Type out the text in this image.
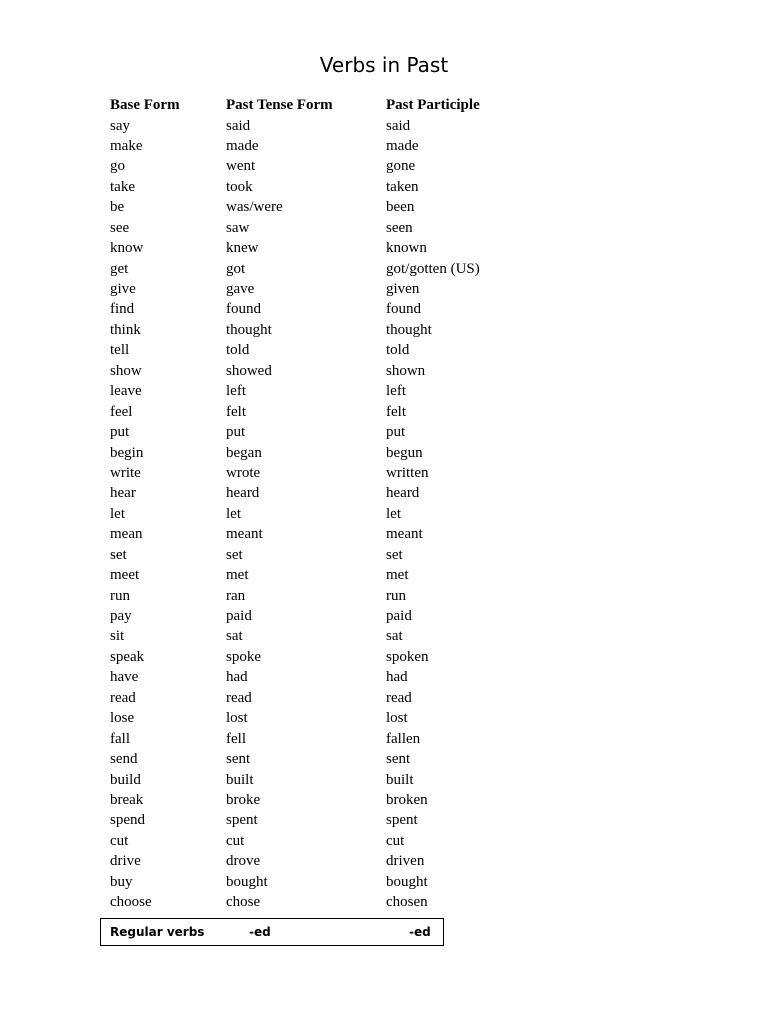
Verbs in Past
Base Form	Past Tense Form	Past Participle
say	said	said
make	made	made
go	went	gone
take	took	taken
be	was/were	been
see	saw	seen
know	knew	known
get	got	got/gotten (US)
give	gave	given
find	found	found
think	thought	thought
tell	told	told
show	showed	shown
leave	left	left
feel	felt	felt
put	put	put
begin	began	begun
write	wrote	written
hear	heard	heard
let	let	let
mean	meant	meant
set	set	set
meet	met	met
run	ran	run
pay	paid	paid
sit	sat	sat
speak	spoke	spoken
have	had	had
read	read	read
lose	lost	lost
fall	fell	fallen
send	sent	sent
build	built	built
break	broke	broken
spend	spent	spent
cut	cut	cut
drive	drove	driven
buy	bought	bought
choose	chose	chosen
Regular verbs	-ed	-ed
